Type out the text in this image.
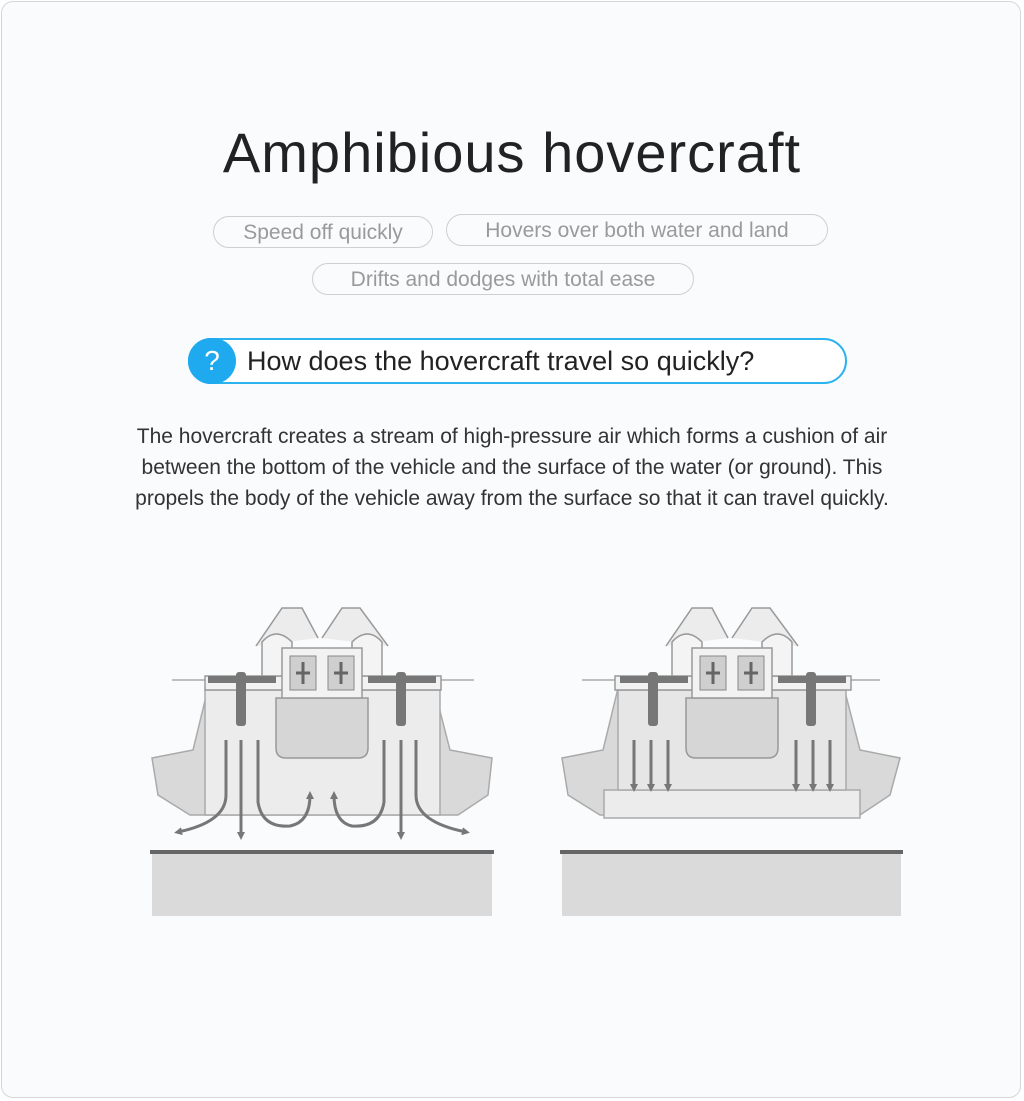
Amphibious hovercraft
Speed off quickly	Hovers over both water and land
Drifts and dodges with total ease
?	How does the hovercraft travel so quickly?

The hovercraft creates a stream of high-pressure air which forms a cushion of air between the bottom of the vehicle and the surface of the water (or ground). This propels the body of the vehicle away from the surface so that it can travel quickly.
